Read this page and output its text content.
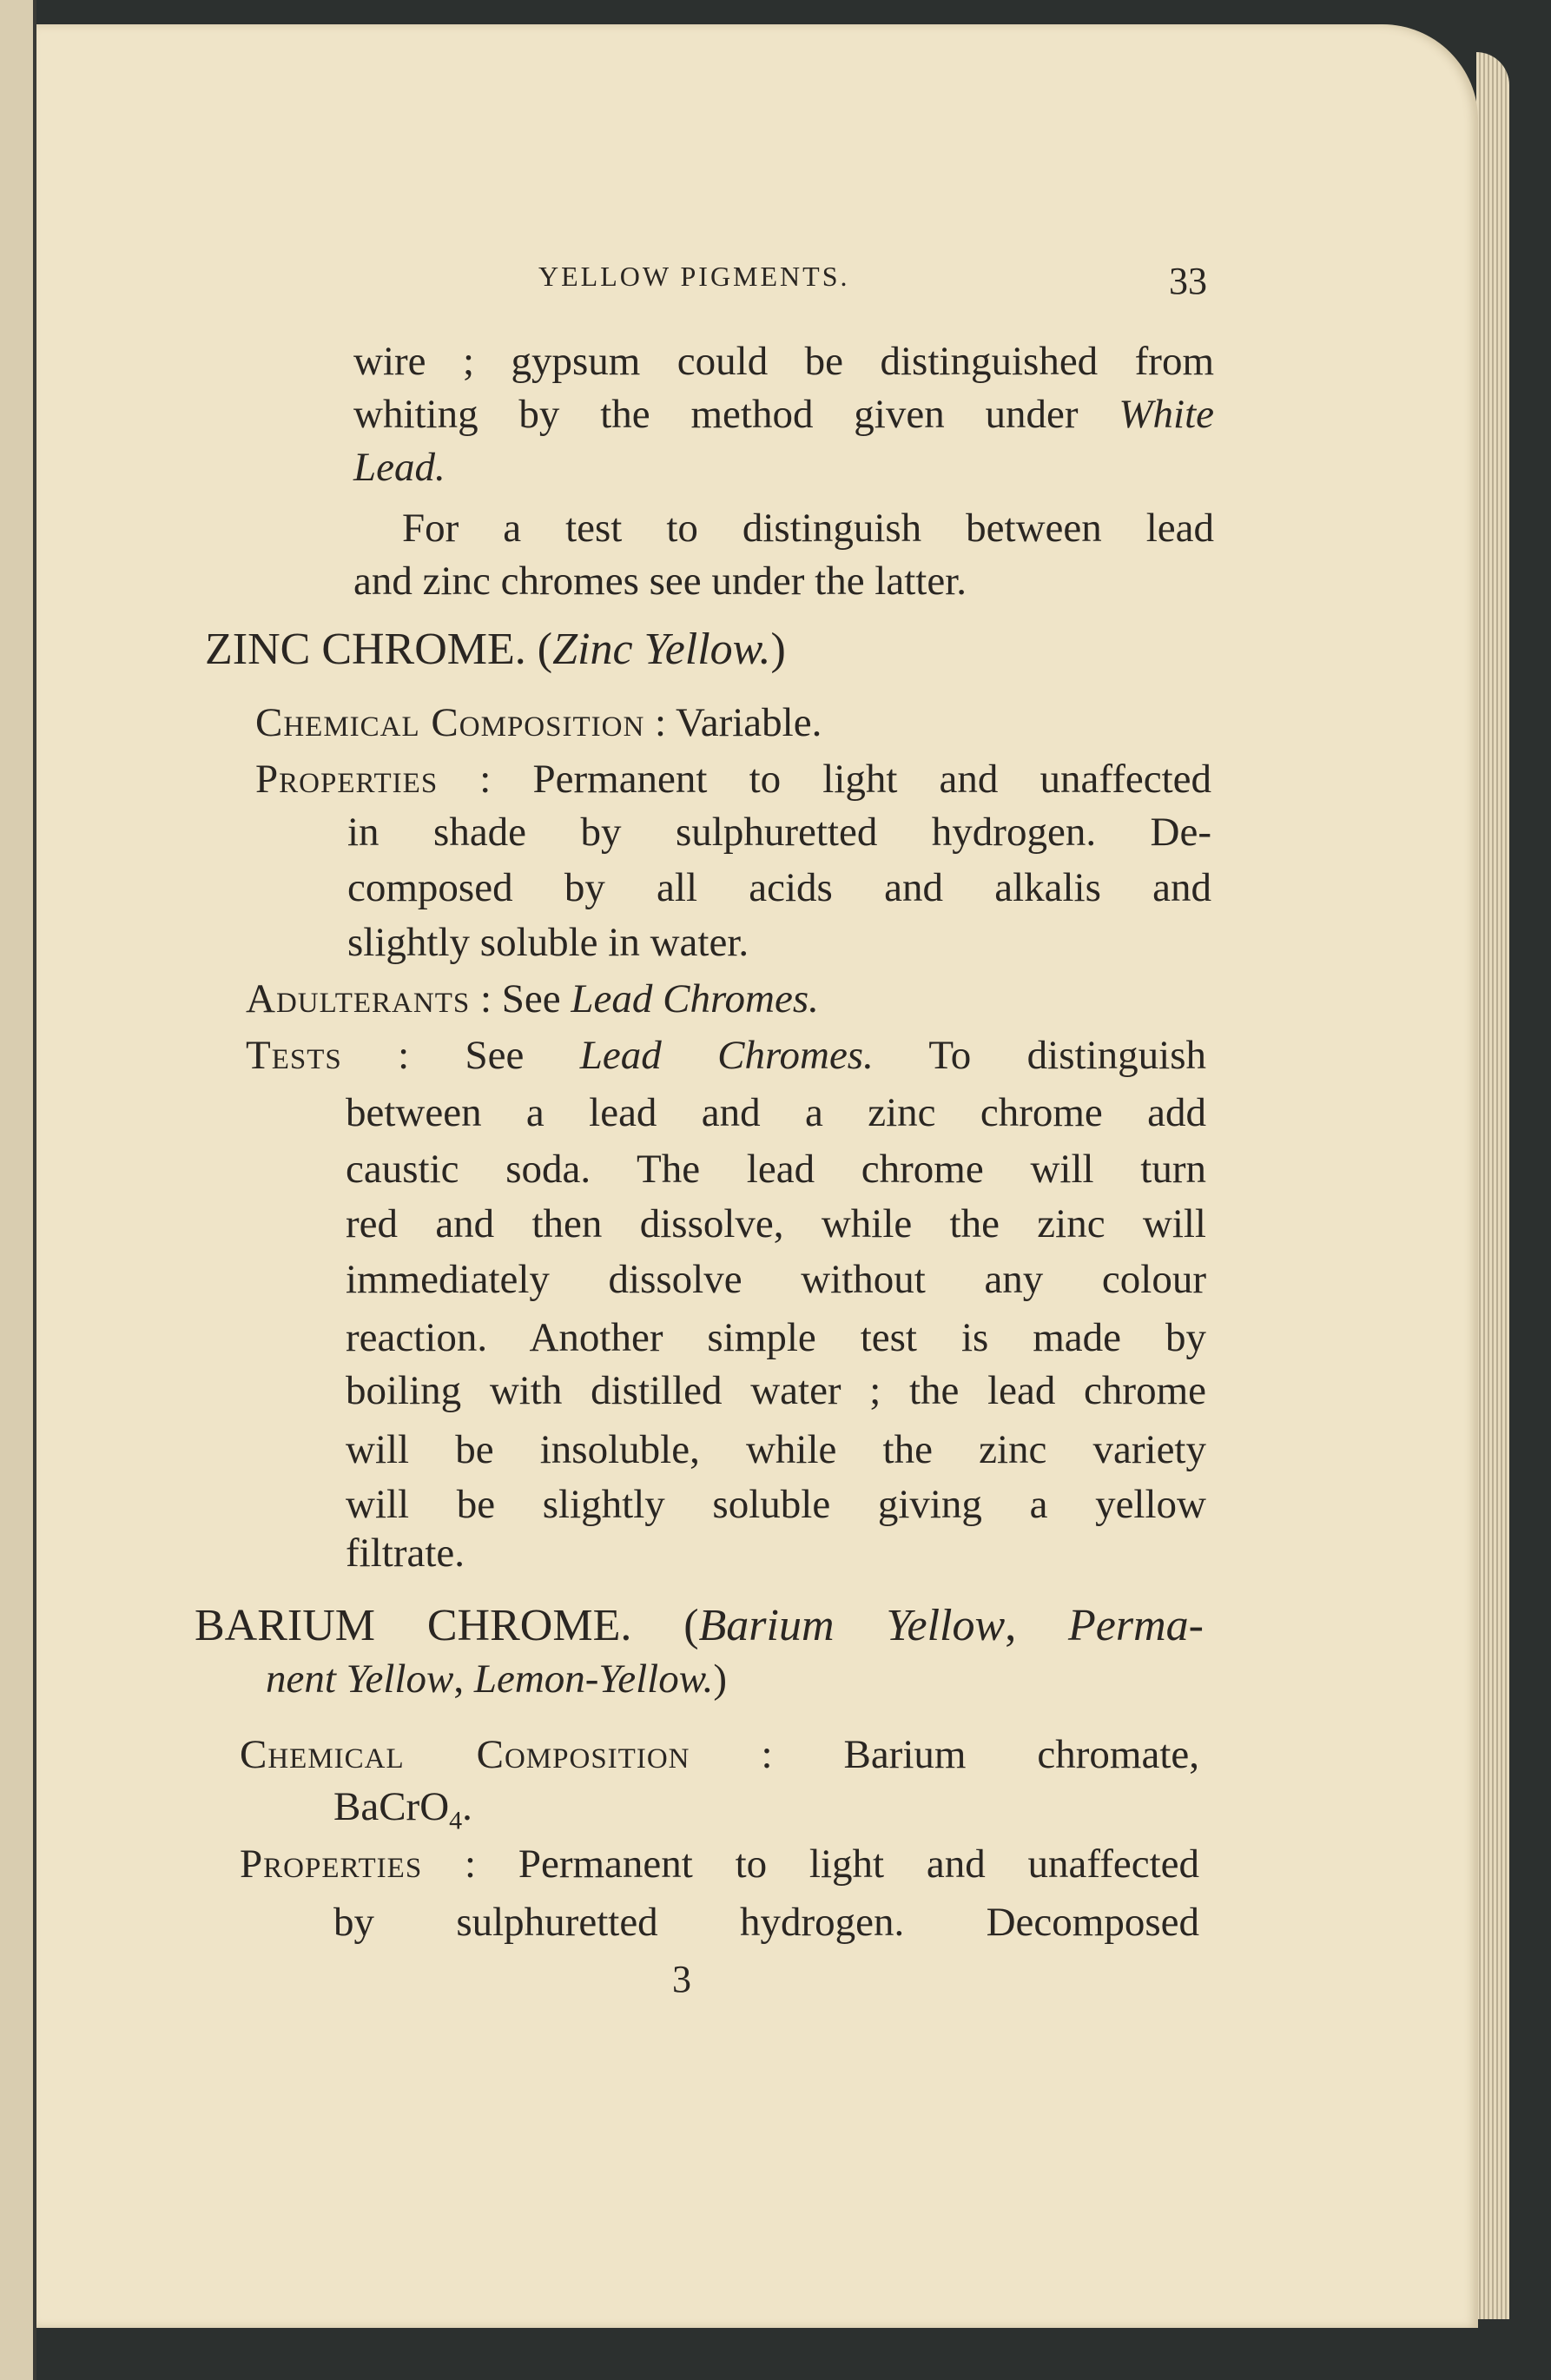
YELLOW PIGMENTS.	33
wire ; gypsum could be distinguished from
whiting by the method given under White
Lead.
For a test to distinguish between lead
and zinc chromes see under the latter.
ZINC CHROME. (Zinc Yellow.)
Chemical Composition : Variable.
Properties : Permanent to light and unaffected
in shade by sulphuretted hydrogen. De-
composed by all acids and alkalis and
slightly soluble in water.
Adulterants : See Lead Chromes.
Tests : See Lead Chromes. To distinguish
between a lead and a zinc chrome add
caustic soda. The lead chrome will turn
red and then dissolve, while the zinc will
immediately dissolve without any colour
reaction. Another simple test is made by
boiling with distilled water ; the lead chrome
will be insoluble, while the zinc variety
will be slightly soluble giving a yellow
filtrate.
BARIUM CHROME. (Barium Yellow, Perma-
nent Yellow, Lemon-Yellow.)
Chemical Composition : Barium chromate,
BaCrO$_4$.
Properties : Permanent to light and unaffected
by sulphuretted hydrogen. Decomposed
3
